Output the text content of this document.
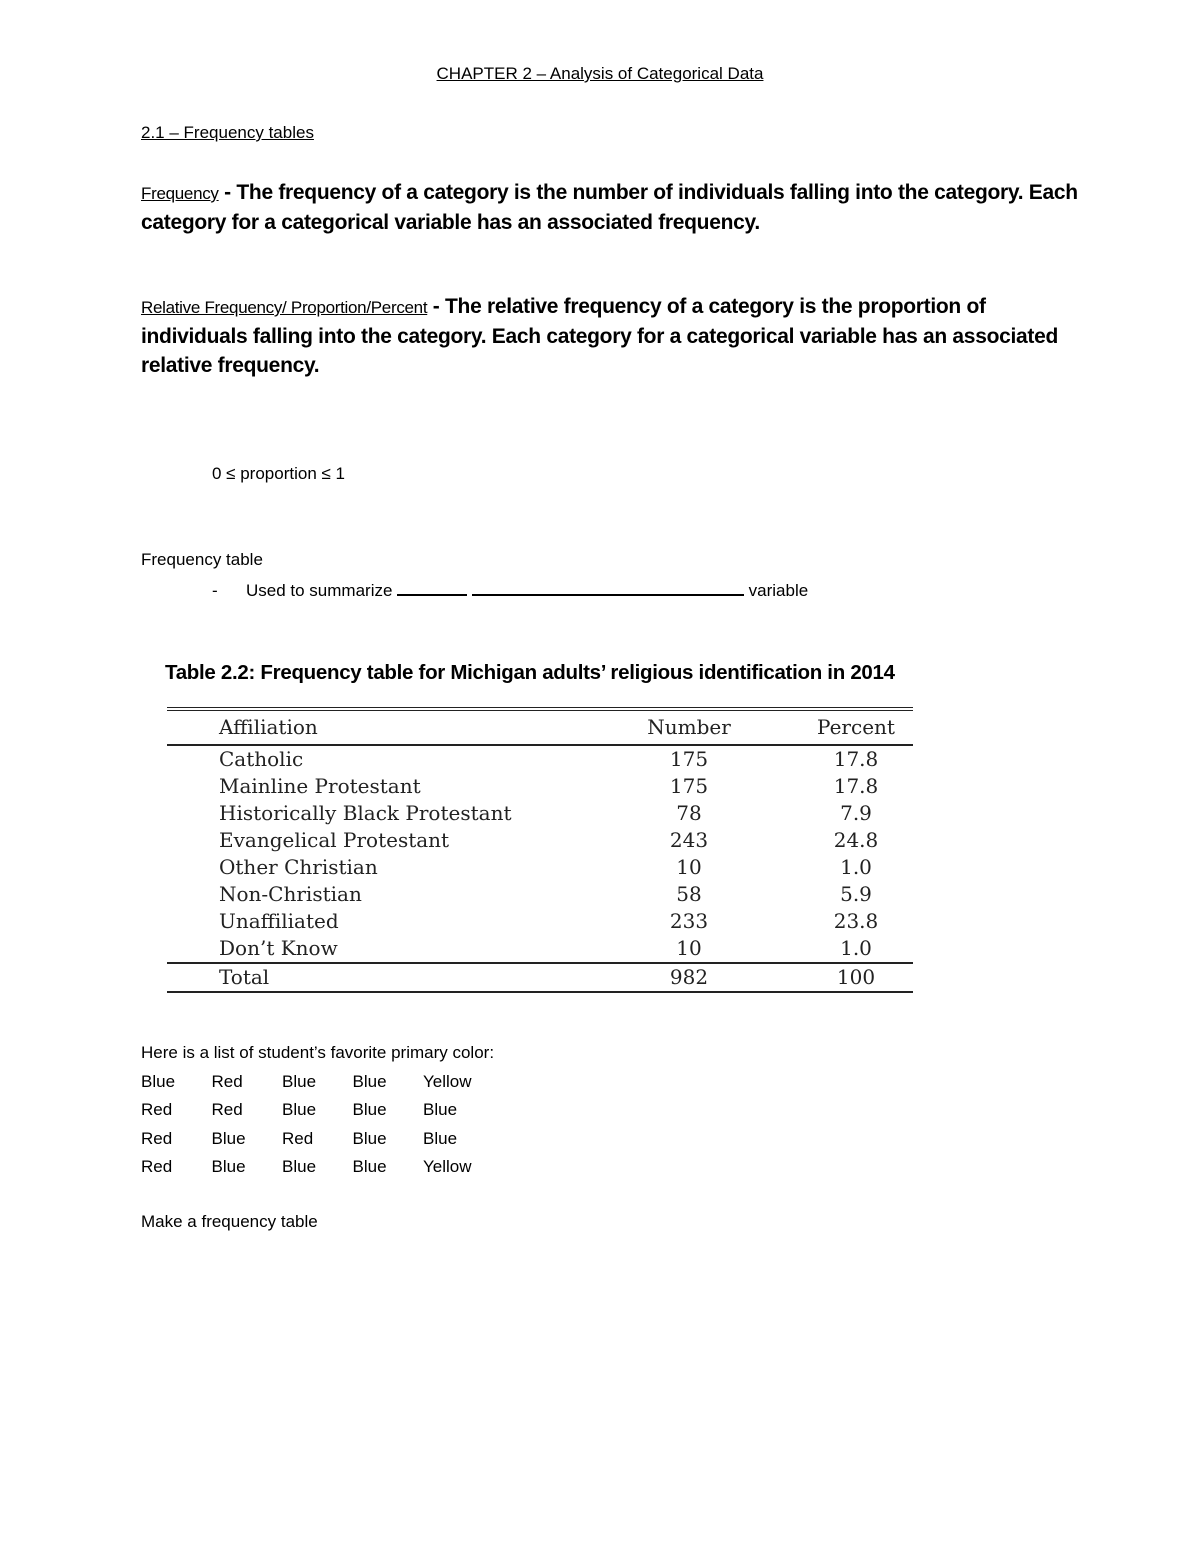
CHAPTER 2 – Analysis of Categorical Data
2.1 – Frequency tables
Frequency - The frequency of a category is the number of individuals falling into the category. Each category for a categorical variable has an associated frequency.
Relative Frequency/ Proportion/Percent - The relative frequency of a category is the proportion of individuals falling into the category. Each category for a categorical variable has an associated relative frequency.
0 ≤ proportion ≤ 1
Frequency table
- Used to summarize	variable
Table 2.2: Frequency table for Michigan adults’ religious identification in 2014
Affiliation	Number	Percent
Catholic	175	17.8
Mainline Protestant	175	17.8
Historically Black Protestant	78	7.9
Evangelical Protestant	243	24.8
Other Christian	10	1.0
Non-Christian	58	5.9
Unaffiliated	233	23.8
Don’t Know	10	1.0
Total	982	100
Here is a list of student’s favorite primary color:
Blue Red Blue Blue Yellow
Red Red Blue Blue Blue
Red Blue Red Blue Blue
Red Blue Blue Blue Yellow
Make a frequency table
